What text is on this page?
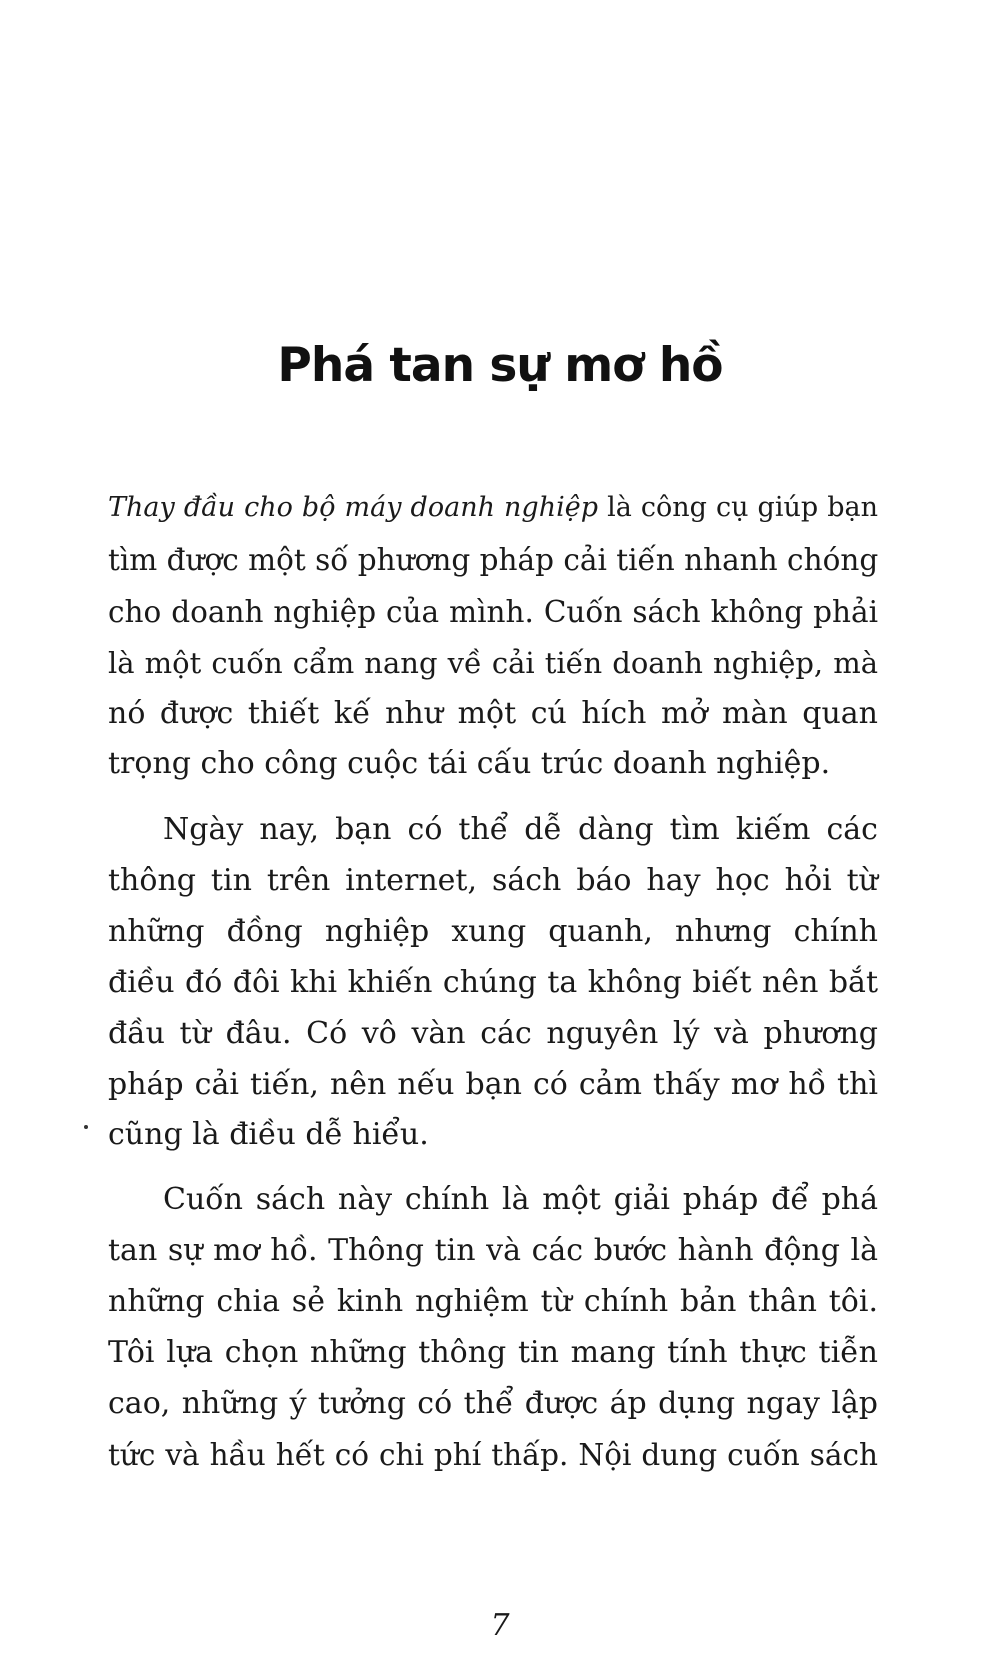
Phá tan sự mơ hồ
Thay đầu cho bộ máy doanh nghiệp là công cụ giúp bạn
tìm được một số phương pháp cải tiến nhanh chóng
cho doanh nghiệp của mình. Cuốn sách không phải
là một cuốn cẩm nang về cải tiến doanh nghiệp, mà
nó được thiết kế như một cú hích mở màn quan
trọng cho công cuộc tái cấu trúc doanh nghiệp.
Ngày nay, bạn có thể dễ dàng tìm kiếm các
thông tin trên internet, sách báo hay học hỏi từ
những đồng nghiệp xung quanh, nhưng chính
điều đó đôi khi khiến chúng ta không biết nên bắt
đầu từ đâu. Có vô vàn các nguyên lý và phương
pháp cải tiến, nên nếu bạn có cảm thấy mơ hồ thì
cũng là điều dễ hiểu.
Cuốn sách này chính là một giải pháp để phá
tan sự mơ hồ. Thông tin và các bước hành động là
những chia sẻ kinh nghiệm từ chính bản thân tôi.
Tôi lựa chọn những thông tin mang tính thực tiễn
cao, những ý tưởng có thể được áp dụng ngay lập
tức và hầu hết có chi phí thấp. Nội dung cuốn sách
7
